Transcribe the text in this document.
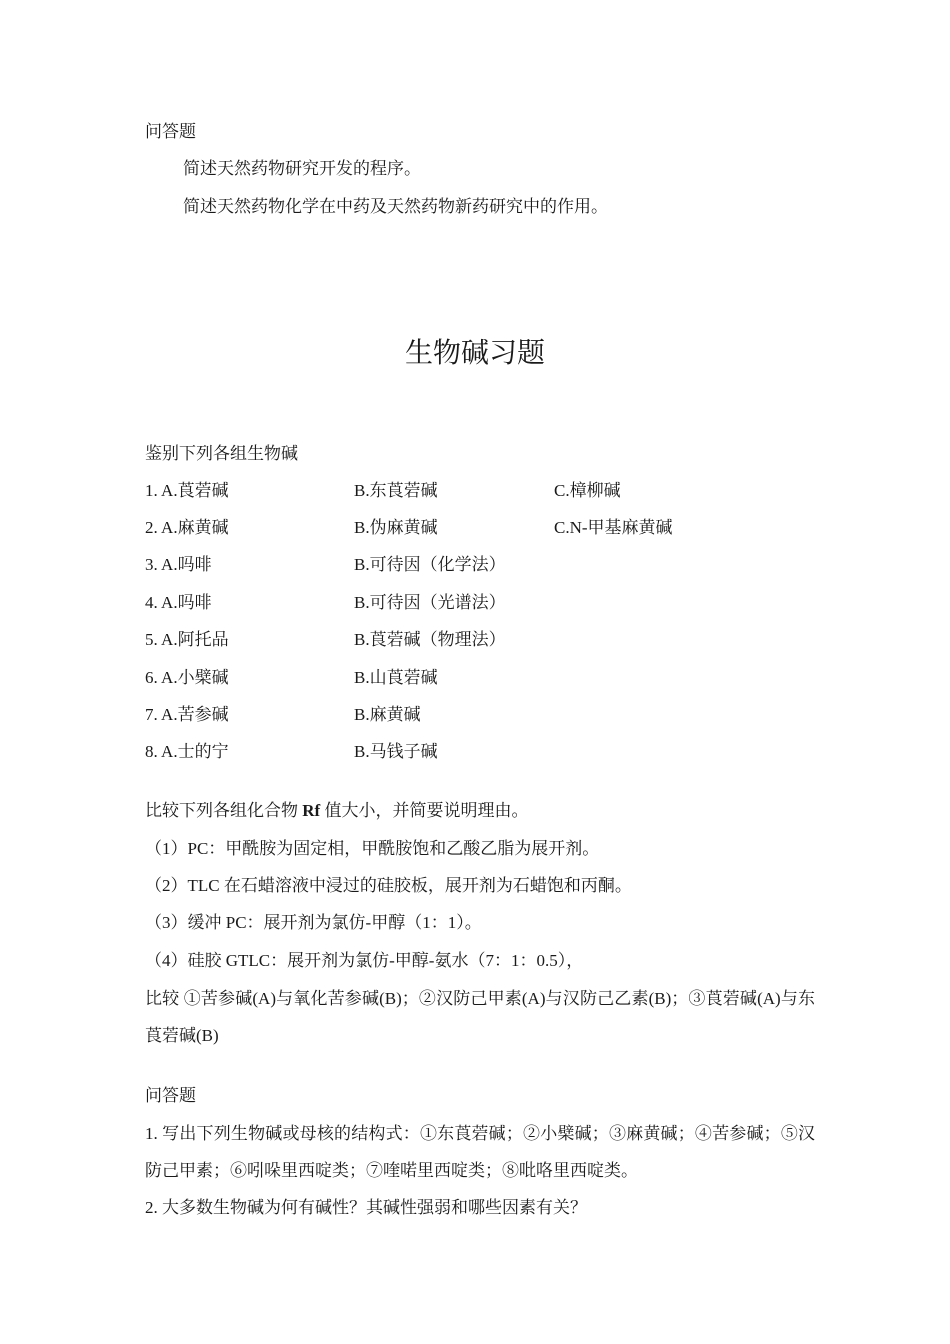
问答题
简述天然药物研究开发的程序。
简述天然药物化学在中药及天然药物新药研究中的作用。
生物碱习题
鉴别下列各组生物碱
1. A.莨菪碱	B.东莨菪碱	C.樟柳碱
2. A.麻黄碱	B.伪麻黄碱	C.N-甲基麻黄碱
3. A.吗啡	B.可待因（化学法）
4. A.吗啡	B.可待因（光谱法）
5. A.阿托品	B.莨菪碱（物理法）
6. A.小檗碱	B.山莨菪碱
7. A.苦参碱	B.麻黄碱
8. A.士的宁	B.马钱子碱
比较下列各组化合物 Rf 值大小，并简要说明理由。
（1）PC：甲酰胺为固定相，甲酰胺饱和乙酸乙脂为展开剂。
（2）TLC 在石蜡溶液中浸过的硅胶板，展开剂为石蜡饱和丙酮。
（3）缓冲 PC：展开剂为氯仿-甲醇（1：1）。
（4）硅胶 GTLC：展开剂为氯仿-甲醇-氨水（7：1：0.5），
比较 ①苦参碱(A)与氧化苦参碱(B)；②汉防己甲素(A)与汉防己乙素(B)；③莨菪碱(A)与东莨菪碱(B)
问答题
1. 写出下列生物碱或母核的结构式：①东莨菪碱；②小檗碱；③麻黄碱；④苦参碱；⑤汉防己甲素；⑥吲哚里西啶类；⑦喹喏里西啶类；⑧吡咯里西啶类。
2. 大多数生物碱为何有碱性？其碱性强弱和哪些因素有关？
